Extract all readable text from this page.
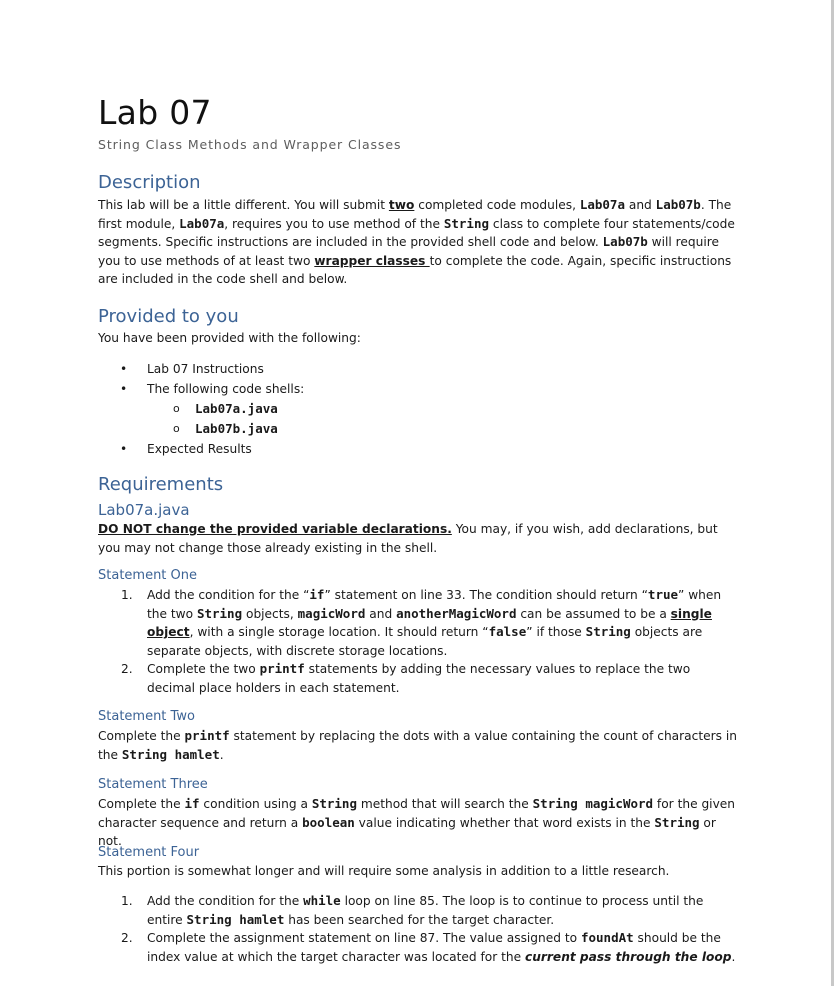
Lab 07
String Class Methods and Wrapper Classes
Description

This lab will be a little different. You will submit two completed code modules, Lab07a and Lab07b. The first module, Lab07a, requires you to use method of the String class to complete four statements/code segments. Specific instructions are included in the provided shell code and below. Lab07b will require you to use methods of at least two wrapper classes to complete the code. Again, specific instructions are included in the code shell and below.

Provided to you

You have been provided with the following:

• Lab 07 Instructions
• The following code shells:
o Lab07a.java
o Lab07b.java
• Expected Results
Requirements
Lab07a.java

DO NOT change the provided variable declarations. You may, if you wish, add declarations, but you may not change those already existing in the shell.

Statement One
1. Add the condition for the “if” statement on line 33. The condition should return “true” when the two String objects, magicWord and anotherMagicWord can be assumed to be a single object, with a single storage location. It should return “false” if those String objects are separate objects, with discrete storage locations.
2. Complete the two printf statements by adding the necessary values to replace the two decimal place holders in each statement.
Statement Two

Complete the printf statement by replacing the dots with a value containing the count of characters in the String hamlet.

Statement Three

Complete the if condition using a String method that will search the String magicWord for the given character sequence and return a boolean value indicating whether that word exists in the String or not.

Statement Four

This portion is somewhat longer and will require some analysis in addition to a little research.

1. Add the condition for the while loop on line 85. The loop is to continue to process until the entire String hamlet has been searched for the target character.
2. Complete the assignment statement on line 87. The value assigned to foundAt should be the index value at which the target character was located for the current pass through the loop.
